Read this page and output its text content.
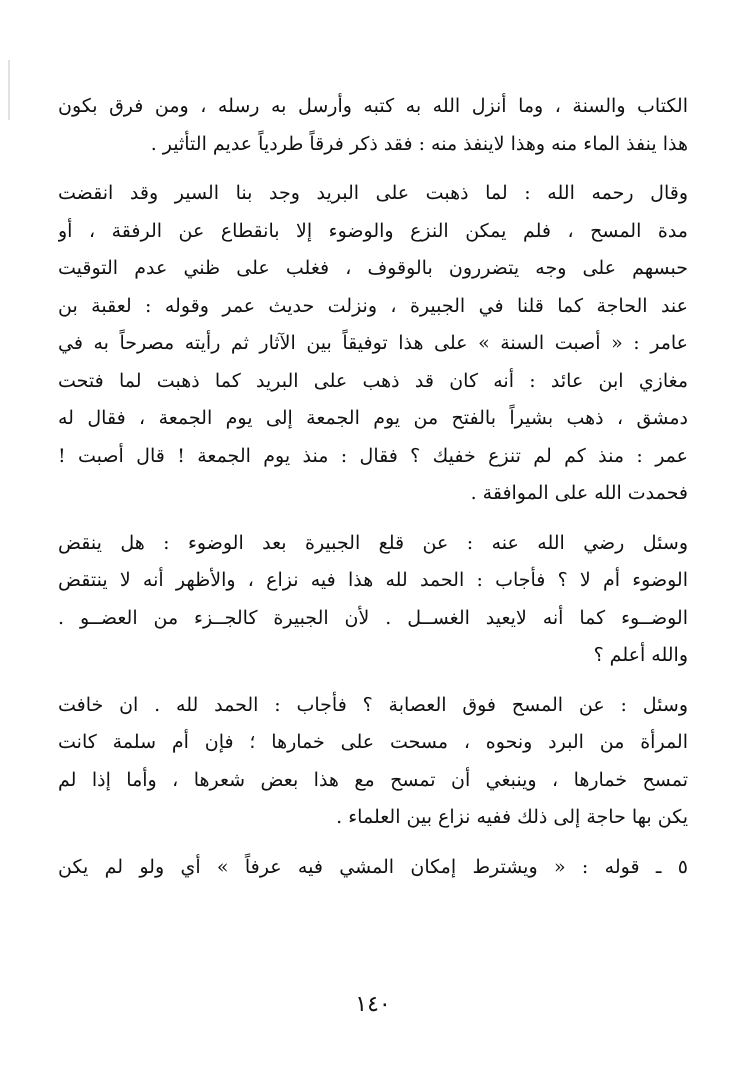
الكتاب والسنة ، وما أنزل الله به كتبه وأرسل به رسله ، ومن فرق بكون
هذا ينفذ الماء منه وهذا لاينفذ منه : فقد ذكر فرقاً طردياً عديم التأثير .
وقال رحمه الله : لما ذهبت على البريد وجد بنا السير وقد انقضت
مدة المسح ، فلم يمكن النزع والوضوء إلا بانقطاع عن الرفقة ، أو
حبسهم على وجه يتضررون بالوقوف ، فغلب على ظني عدم التوقيت
عند الحاجة كما قلنا في الجبيرة ، ونزلت حديث عمر وقوله : لعقبة بن
عامر : « أصبت السنة » على هذا توفيقاً بين الآثار ثم رأيته مصرحاً به في
مغازي ابن عائد : أنه كان قد ذهب على البريد كما ذهبت لما فتحت
دمشق ، ذهب بشيراً بالفتح من يوم الجمعة إلى يوم الجمعة ، فقال له
عمر : منذ كم لم تنزع خفيك ؟ فقال : منذ يوم الجمعة ! قال أصبت !
فحمدت الله على الموافقة .
وسئل رضي الله عنه : عن قلع الجبيرة بعد الوضوء : هل ينقض
الوضوء أم لا ؟ فأجاب : الحمد لله هذا فيه نزاع ، والأظهر أنه لا ينتقض
الوضــوء كما أنه لايعيد الغســل . لأن الجبيرة كالجــزء من العضــو .
والله أعلم ؟
وسئل : عن المسح فوق العصابة ؟ فأجاب : الحمد لله . ان خافت
المرأة من البرد ونحوه ، مسحت على خمارها ؛ فإن أم سلمة كانت
تمسح خمارها ، وينبغي أن تمسح مع هذا بعض شعرها ، وأما إذا لم
يكن بها حاجة إلى ذلك ففيه نزاع بين العلماء .
٥ ـ قوله : « ويشترط إمكان المشي فيه عرفاً » أي ولو لم يكن
١٤٠
